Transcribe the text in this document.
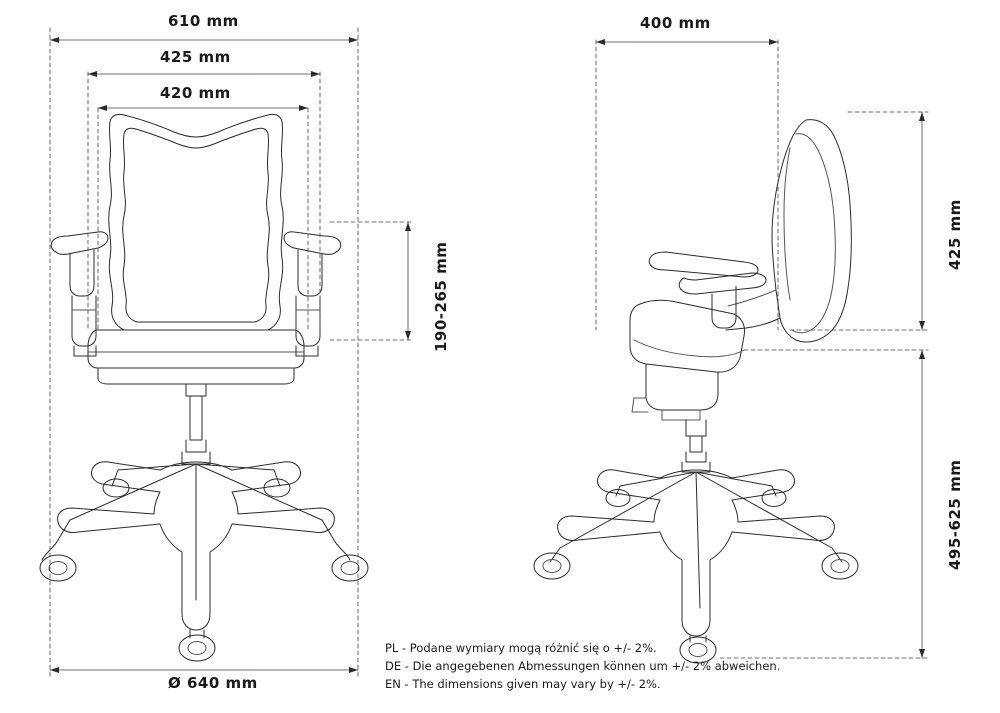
610 mm
425 mm
420 mm
190-265 mm
Ø 640 mm
400 mm
425 mm
495-625 mm
PL - Podane wymiary mogą różnić się o +/- 2%.
DE - Die angegebenen Abmessungen können um +/- 2% abweichen.
EN - The dimensions given may vary by +/- 2%.
